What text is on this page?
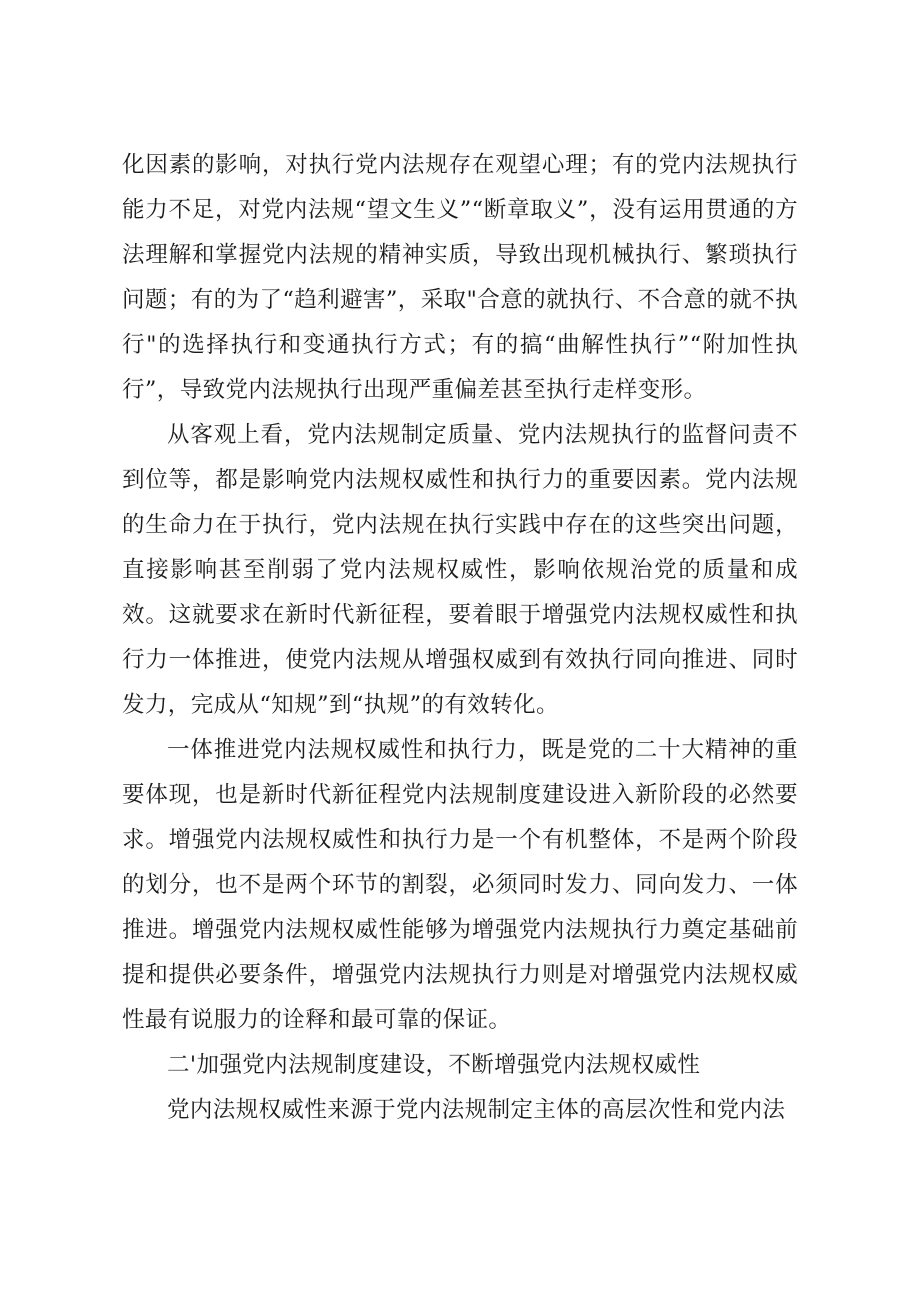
化因素的影响，对执行党内法规存在观望心理；有的党内法规执行能力不足，对党内法规“望文生义”“断章取义”，没有运用贯通的方法理解和掌握党内法规的精神实质，导致出现机械执行、繁琐执行问题；有的为了“趋利避害”，采取"合意的就执行、不合意的就不执行"的选择执行和变通执行方式；有的搞“曲解性执行”“附加性执行”，导致党内法规执行出现严重偏差甚至执行走样变形。

从客观上看，党内法规制定质量、党内法规执行的监督问责不到位等，都是影响党内法规权威性和执行力的重要因素。党内法规的生命力在于执行，党内法规在执行实践中存在的这些突出问题，直接影响甚至削弱了党内法规权威性，影响依规治党的质量和成效。这就要求在新时代新征程，要着眼于增强党内法规权威性和执行力一体推进，使党内法规从增强权威到有效执行同向推进、同时发力，完成从“知规”到“执规”的有效转化。

一体推进党内法规权威性和执行力，既是党的二十大精神的重要体现，也是新时代新征程党内法规制度建设进入新阶段的必然要求。增强党内法规权威性和执行力是一个有机整体，不是两个阶段的划分，也不是两个环节的割裂，必须同时发力、同向发力、一体推进。增强党内法规权威性能够为增强党内法规执行力奠定基础前提和提供必要条件，增强党内法规执行力则是对增强党内法规权威性最有说服力的诠释和最可靠的保证。

二'加强党内法规制度建设，不断增强党内法规权威性

党内法规权威性来源于党内法规制定主体的高层次性和党内法
